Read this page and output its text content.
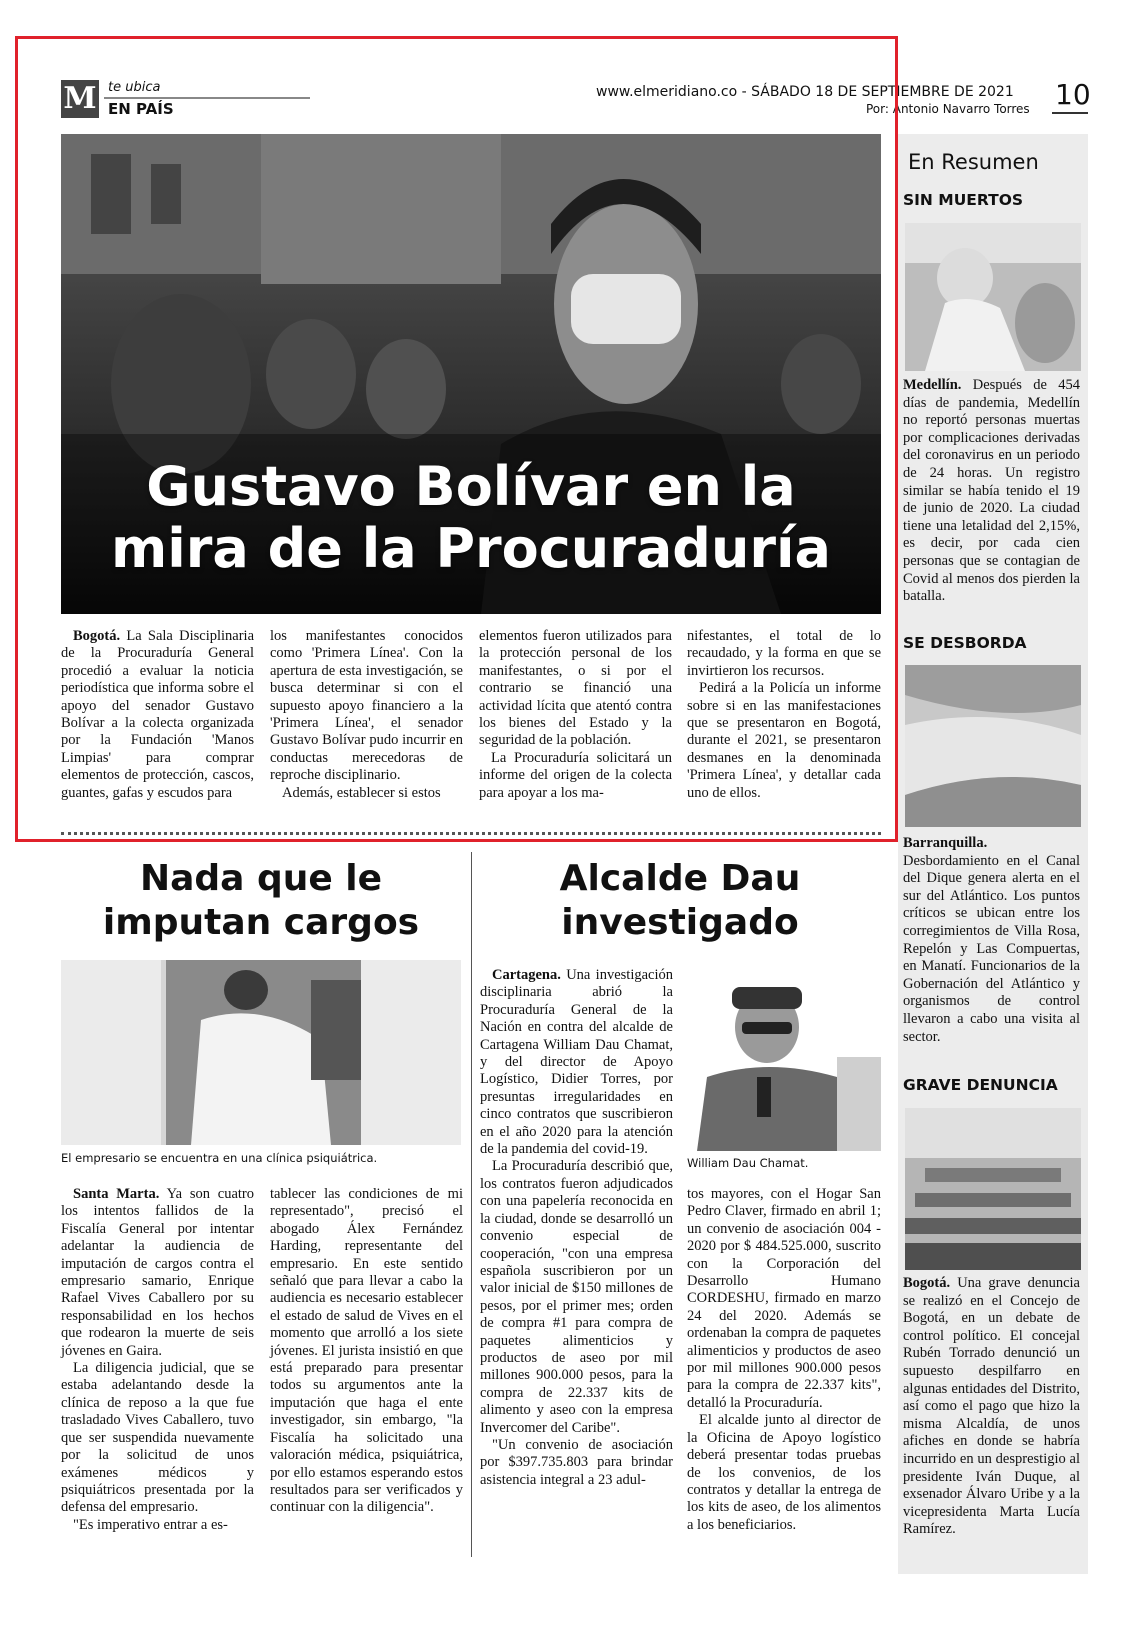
M te ubica
EN PAÍS
www.elmeridiano.co - SÁBADO 18 DE SEPTIEMBRE DE 2021
Por: Antonio Navarro Torres 10
Gustavo Bolívar en la
mira de la Procuraduría

Bogotá. La Sala Disciplinaria de la Procuraduría General procedió a evaluar la noticia periodística que informa sobre el apoyo del senador Gustavo Bolívar a la colecta organizada por la Fundación 'Manos Limpias' para comprar elementos de protección, cascos, guantes, gafas y escudos para

los manifestantes conocidos como 'Primera Línea'. Con la apertura de esta investigación, se busca determinar si con el supuesto apoyo financiero a la 'Primera Línea', el senador Gustavo Bolívar pudo incurrir en conductas merecedoras de reproche disciplinario.

Además, establecer si estos

elementos fueron utilizados para la protección personal de los manifestantes, o si por el contrario se financió una actividad lícita que atentó contra los bienes del Estado y la seguridad de la población.

La Procuraduría solicitará un informe del origen de la colecta para apoyar a los ma-

nifestantes, el total de lo recaudado, y la forma en que se invirtieron los recursos.

Pedirá a la Policía un informe sobre si en las manifestaciones que se presentaron en Bogotá, durante el 2021, se presentaron desmanes en la denominada 'Primera Línea', y detallar cada uno de ellos.

En Resumen
SIN MUERTOS

Medellín. Después de 454 días de pandemia, Medellín no reportó personas muertas por complicaciones derivadas del coronavirus en un periodo de 24 horas. Un registro similar se había tenido el 19 de junio de 2020. La ciudad tiene una letalidad del 2,15%, es decir, por cada cien personas que se contagian de Covid al menos dos pierden la batalla.

SE DESBORDA

Barranquilla. Desbordamiento en el Canal del Dique genera alerta en el sur del Atlántico. Los puntos críticos se ubican entre los corregimientos de Villa Rosa, Repelón y Las Compuertas, en Manatí. Funcionarios de la Gobernación del Atlántico y organismos de control llevaron a cabo una visita al sector.

GRAVE DENUNCIA

Bogotá. Una grave denuncia se realizó en el Concejo de Bogotá, en un debate de control político. El concejal Rubén Torrado denunció un supuesto despilfarro en algunas entidades del Distrito, así como el pago que hizo la misma Alcaldía, de unos afiches en donde se habría incurrido en un desprestigio al presidente Iván Duque, al exsenador Álvaro Uribe y a la vicepresidenta Marta Lucía Ramírez.

Nada que le
imputan cargos
El empresario se encuentra en una clínica psiquiátrica.

Santa Marta. Ya son cuatro los intentos fallidos de la Fiscalía General por intentar adelantar la audiencia de imputación de cargos contra el empresario samario, Enrique Rafael Vives Caballero por su responsabilidad en los hechos que rodearon la muerte de seis jóvenes en Gaira.

La diligencia judicial, que se estaba adelantando desde la clínica de reposo a la que fue trasladado Vives Caballero, tuvo que ser suspendida nuevamente por la solicitud de unos exámenes médicos y psiquiátricos presentada por la defensa del empresario.

"Es imperativo entrar a es-

tablecer las condiciones de mi representado", precisó el abogado Álex Fernández Harding, representante del empresario. En este sentido señaló que para llevar a cabo la audiencia es necesario establecer el estado de salud de Vives en el momento que arrolló a los siete jóvenes. El jurista insistió en que está preparado para presentar todos su argumentos ante la imputación que haga el ente investigador, sin embargo, "la Fiscalía ha solicitado una valoración médica, psiquiátrica, por ello estamos esperando estos resultados para ser verificados y continuar con la diligencia".

Alcalde Dau
investigado

Cartagena. Una investigación disciplinaria abrió la Procuraduría General de la Nación en contra del alcalde de Cartagena William Dau Chamat, y del director de Apoyo Logístico, Didier Torres, por presuntas irregularidades en cinco contratos que suscribieron en el año 2020 para la atención de la pandemia del covid-19.

La Procuraduría describió que, los contratos fueron adjudicados con una papelería reconocida en la ciudad, donde se desarrolló un convenio especial de cooperación, "con una empresa española suscribieron por un valor inicial de $150 millones de pesos, por el primer mes; orden de compra #1 para compra de paquetes alimenticios y productos de aseo por mil millones 900.000 pesos, para la compra de 22.337 kits de alimento y aseo con la empresa Invercomer del Caribe".

"Un convenio de asociación por $397.735.803 para brindar asistencia integral a 23 adul-

William Dau Chamat.

tos mayores, con el Hogar San Pedro Claver, firmado en abril 1; un convenio de asociación 004 - 2020 por $ 484.525.000, suscrito con la Corporación del Desarrollo Humano CORDESHU, firmado en marzo 24 del 2020. Además se ordenaban la compra de paquetes alimenticios y productos de aseo por mil millones 900.000 pesos para la compra de 22.337 kits", detalló la Procuraduría.

El alcalde junto al director de la Oficina de Apoyo logístico deberá presentar todas pruebas de los convenios, de los contratos y detallar la entrega de los kits de aseo, de los alimentos a los beneficiarios.
